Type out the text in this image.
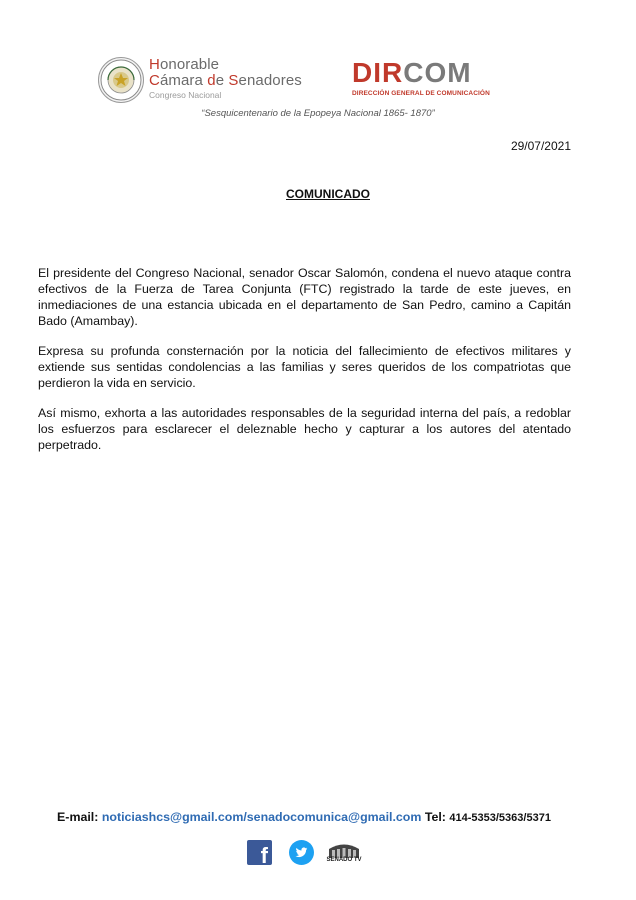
Honorable
Cámara de Senadores
Congreso Nacional
DIRCOM
DIRECCIÓN GENERAL DE COMUNICACIÓN
“Sesquicentenario de la Epopeya Nacional 1865- 1870”
29/07/2021
COMUNICADO

El presidente del Congreso Nacional, senador Oscar Salomón, condena el nuevo ataque contra efectivos de la Fuerza de Tarea Conjunta (FTC) registrado la tarde de este jueves, en inmediaciones de una estancia ubicada en el departamento de San Pedro, camino a Capitán Bado (Amambay).

Expresa su profunda consternación por la noticia del fallecimiento de efectivos militares y extiende sus sentidas condolencias a las familias y seres queridos de los compatriotas que perdieron la vida en servicio.

Así mismo, exhorta a las autoridades responsables de la seguridad interna del país, a redoblar los esfuerzos para esclarecer el deleznable hecho y capturar a los autores del atentado perpetrado.

E-mail: noticiashcs@gmail.com/senadocomunica@gmail.com Tel: 414-5353/5363/5371
f	SENADO TV
